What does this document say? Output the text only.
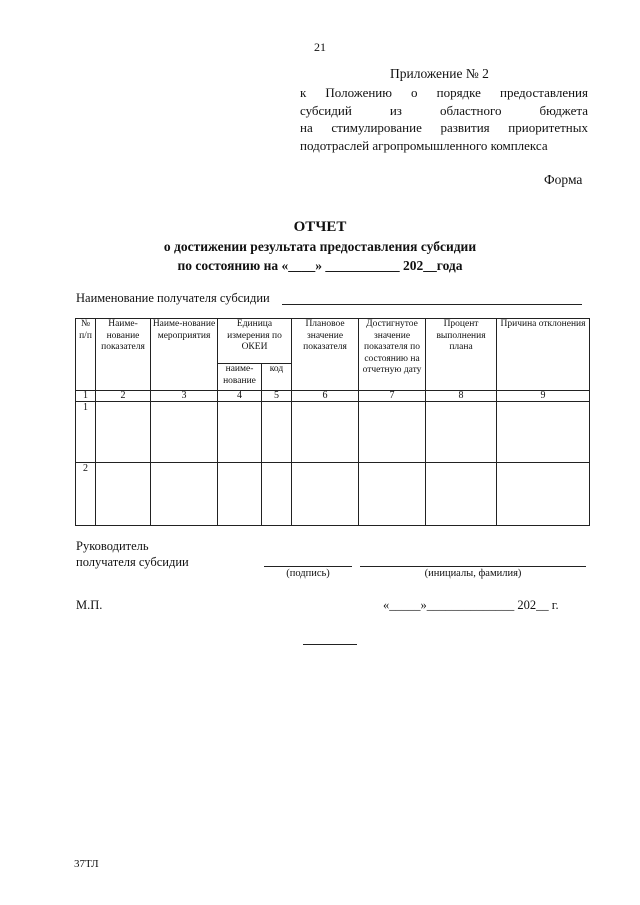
21
Приложение № 2
к Положению о порядке предоставления
субсидий из областного бюджета
на стимулирование развития приоритетных
подотраслей агропромышленного комплекса
Форма
ОТЧЕТ
о достижении результата предоставления субсидии
по состоянию на «____» ___________ 202__года
Наименование получателя субсидии
№ п/п	Наиме-нование показателя	Наиме-нование мероприятия	Единица измерения по ОКЕИ		Плановое значение показателя	Достигнутое значение показателя по состоянию на отчетную дату	Процент выполнения плана	Причина отклонения
			наиме-нование	код				
1	2	3	4	5	6	7	8	9
1								
2								
Руководитель
получателя субсидии
(подпись)	(инициалы, фамилия)
М.П.	«_____»______________ 202__ г.
37ТЛ
